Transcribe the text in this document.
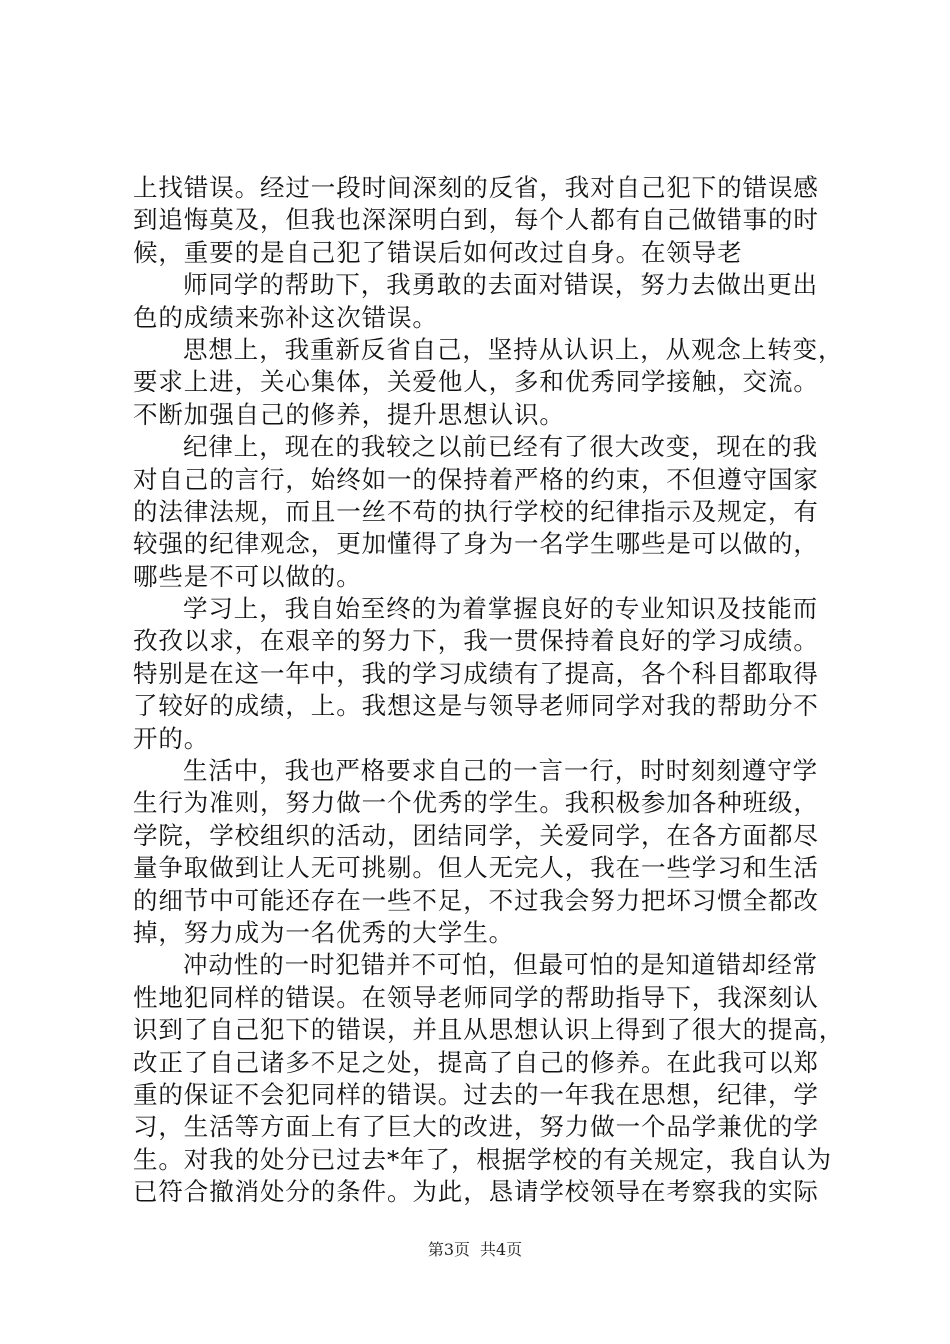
上找错误。经过一段时间深刻的反省，我对自己犯下的错误感
到追悔莫及，但我也深深明白到，每个人都有自己做错事的时
候，重要的是自己犯了错误后如何改过自身。在领导老
师同学的帮助下，我勇敢的去面对错误，努力去做出更出
色的成绩来弥补这次错误。
思想上，我重新反省自己，坚持从认识上，从观念上转变，
要求上进，关心集体，关爱他人，多和优秀同学接触，交流。
不断加强自己的修养，提升思想认识。
纪律上，现在的我较之以前已经有了很大改变，现在的我
对自己的言行，始终如一的保持着严格的约束，不但遵守国家
的法律法规，而且一丝不苟的执行学校的纪律指示及规定，有
较强的纪律观念，更加懂得了身为一名学生哪些是可以做的，
哪些是不可以做的。
学习上，我自始至终的为着掌握良好的专业知识及技能而
孜孜以求，在艰辛的努力下，我一贯保持着良好的学习成绩。
特别是在这一年中，我的学习成绩有了提高，各个科目都取得
了较好的成绩，上。我想这是与领导老师同学对我的帮助分不
开的。
生活中，我也严格要求自己的一言一行，时时刻刻遵守学
生行为准则，努力做一个优秀的学生。我积极参加各种班级，
学院，学校组织的活动，团结同学，关爱同学，在各方面都尽
量争取做到让人无可挑剔。但人无完人，我在一些学习和生活
的细节中可能还存在一些不足，不过我会努力把坏习惯全都改
掉，努力成为一名优秀的大学生。
冲动性的一时犯错并不可怕，但最可怕的是知道错却经常
性地犯同样的错误。在领导老师同学的帮助指导下，我深刻认
识到了自己犯下的错误，并且从思想认识上得到了很大的提高，
改正了自己诸多不足之处，提高了自己的修养。在此我可以郑
重的保证不会犯同样的错误。过去的一年我在思想，纪律，学
习，生活等方面上有了巨大的改进，努力做一个品学兼优的学
生。对我的处分已过去*年了，根据学校的有关规定，我自认为
已符合撤消处分的条件。为此，恳请学校领导在考察我的实际
第3页 共4页
